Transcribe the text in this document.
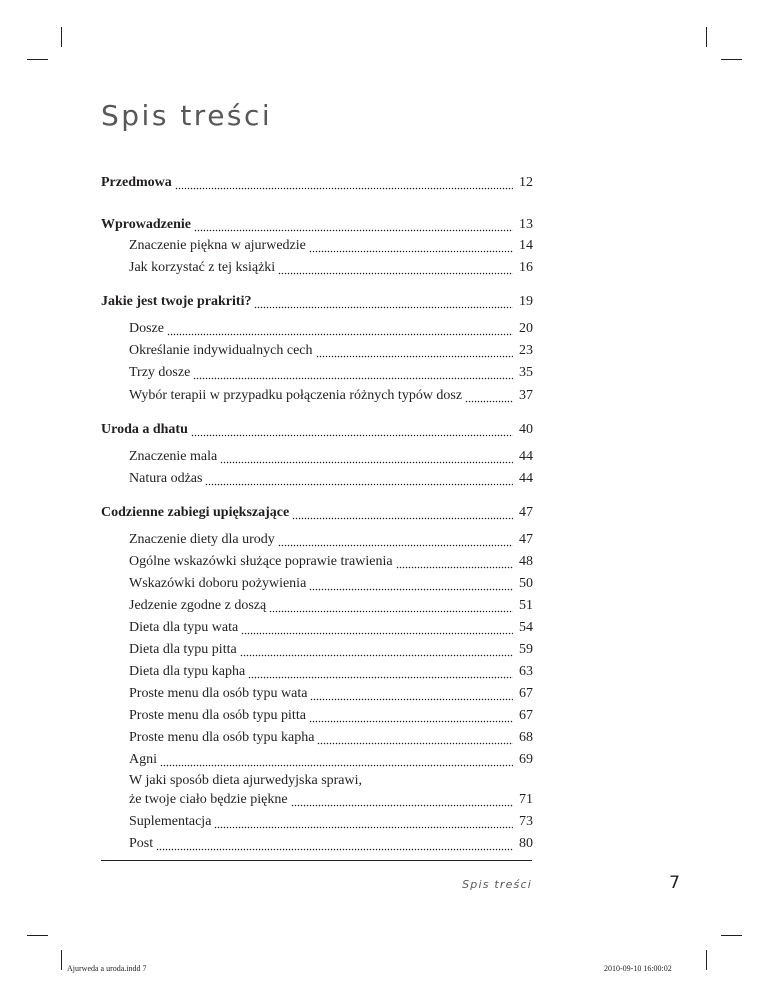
Spis treści
Przedmowa	12
Wprowadzenie	13
Znaczenie piękna w ajurwedzie	14
Jak korzystać z tej książki	16
Jakie jest twoje prakriti?	19
Dosze	20
Określanie indywidualnych cech	23
Trzy dosze	35
Wybór terapii w przypadku połączenia różnych typów dosz	37
Uroda a dhatu	40
Znaczenie mala	44
Natura odżas	44
Codzienne zabiegi upiększające	47
Znaczenie diety dla urody	47
Ogólne wskazówki służące poprawie trawienia	48
Wskazówki doboru pożywienia	50
Jedzenie zgodne z doszą	51
Dieta dla typu wata	54
Dieta dla typu pitta	59
Dieta dla typu kapha	63
Proste menu dla osób typu wata	67
Proste menu dla osób typu pitta	67
Proste menu dla osób typu kapha	68
Agni	69
W jaki sposób dieta ajurwedyjska sprawi,
że twoje ciało będzie piękne	71
Suplementacja	73
Post	80
Spis treści	7
Ajurweda a uroda.indd 7	2010-09-10 16:00:02
